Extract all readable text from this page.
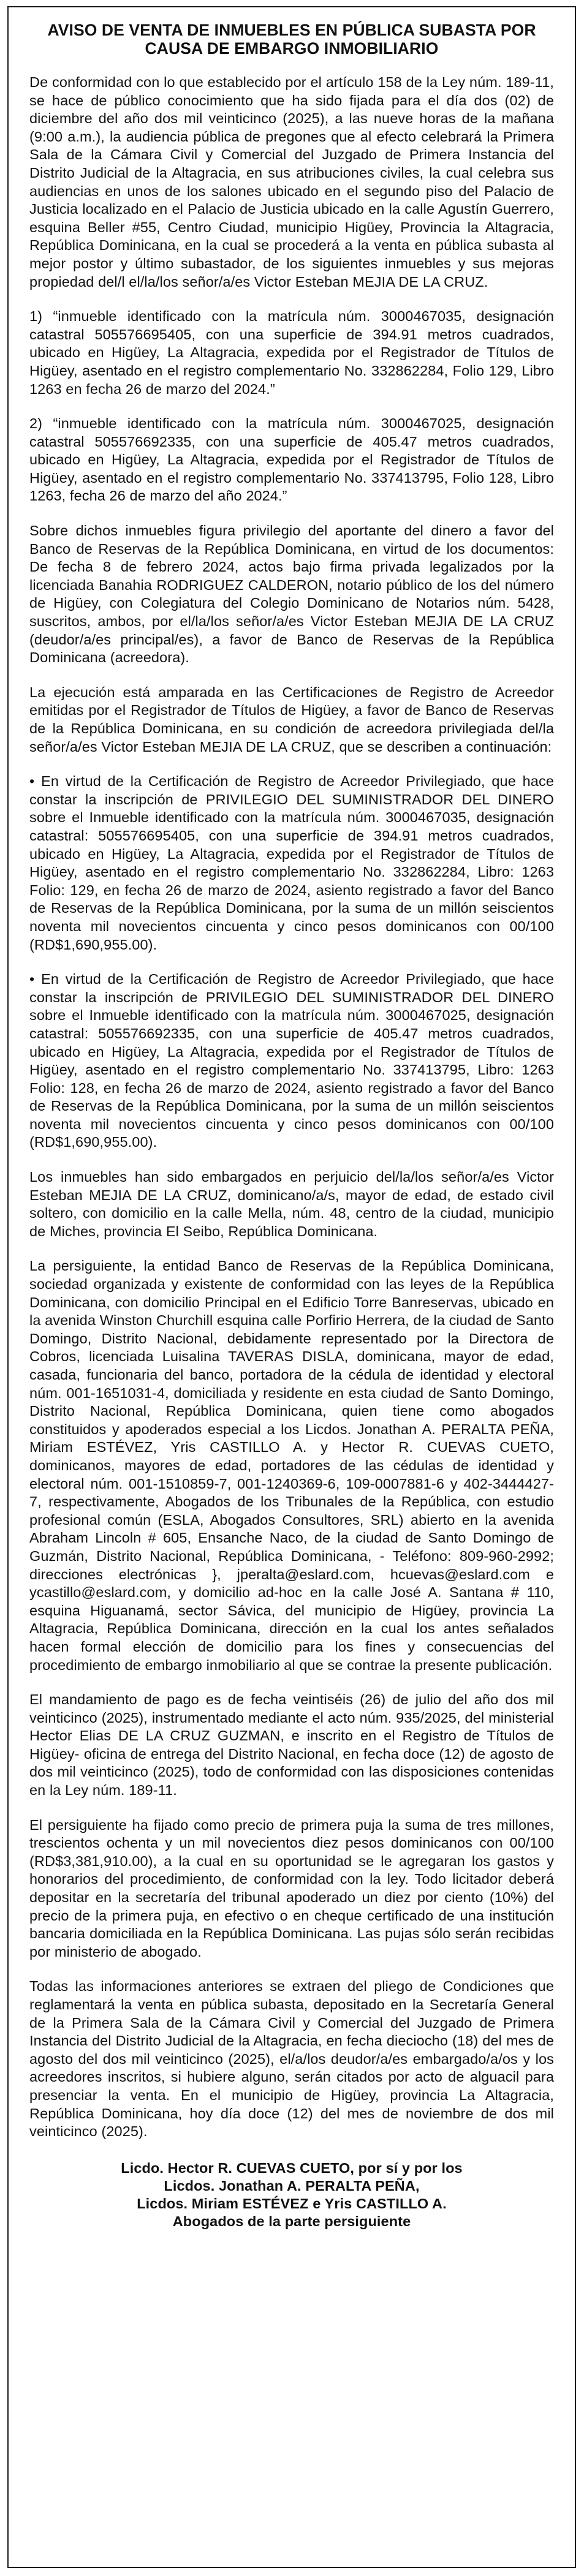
AVISO DE VENTA DE INMUEBLES EN PÚBLICA SUBASTA POR
CAUSA DE EMBARGO INMOBILIARIO

De conformidad con lo que establecido por el artículo 158 de la Ley núm. 189-11, se hace de público conocimiento que ha sido fijada para el día dos (02) de diciembre del año dos mil veinticinco (2025), a las nueve horas de la mañana (9:00 a.m.), la audiencia pública de pregones que al efecto celebrará la Primera Sala de la Cámara Civil y Comercial del Juzgado de Primera Instancia del Distrito Judicial de la Altagracia, en sus atribuciones civiles, la cual celebra sus audiencias en unos de los salones ubicado en el segundo piso del Palacio de Justicia localizado en el Palacio de Justicia ubicado en la calle Agustín Guerrero, esquina Beller #55, Centro Ciudad, municipio Higüey, Provincia la Altagracia, República Dominicana, en la cual se procederá a la venta en pública subasta al mejor postor y último subastador, de los siguientes inmuebles y sus mejoras propiedad del/l el/la/los señor/a/es Victor Esteban MEJIA DE LA CRUZ.

1) “inmueble identificado con la matrícula núm. 3000467035, designación catastral 505576695405, con una superficie de 394.91 metros cuadrados, ubicado en Higüey, La Altagracia, expedida por el Registrador de Títulos de Higüey, asentado en el registro complementario No. 332862284, Folio 129, Libro 1263 en fecha 26 de marzo del 2024.”

2) “inmueble identificado con la matrícula núm. 3000467025, designación catastral 505576692335, con una superficie de 405.47 metros cuadrados, ubicado en Higüey, La Altagracia, expedida por el Registrador de Títulos de Higüey, asentado en el registro complementario No. 337413795, Folio 128, Libro 1263, fecha 26 de marzo del año 2024.”

Sobre dichos inmuebles figura privilegio del aportante del dinero a favor del Banco de Reservas de la República Dominicana, en virtud de los documentos: De fecha 8 de febrero 2024, actos bajo firma privada legalizados por la licenciada Banahia RODRIGUEZ CALDERON, notario público de los del número de Higüey, con Colegiatura del Colegio Dominicano de Notarios núm. 5428, suscritos, ambos, por el/la/los señor/a/es Victor Esteban MEJIA DE LA CRUZ (deudor/a/es principal/es), a favor de Banco de Reservas de la República Dominicana (acreedora).

La ejecución está amparada en las Certificaciones de Registro de Acreedor emitidas por el Registrador de Títulos de Higüey, a favor de Banco de Reservas de la República Dominicana, en su condición de acreedora privilegiada del/la señor/a/es Victor Esteban MEJIA DE LA CRUZ, que se describen a continuación:

• En virtud de la Certificación de Registro de Acreedor Privilegiado, que hace constar la inscripción de PRIVILEGIO DEL SUMINISTRADOR DEL DINERO sobre el Inmueble identificado con la matrícula núm. 3000467035, designación catastral: 505576695405, con una superficie de 394.91 metros cuadrados, ubicado en Higüey, La Altagracia, expedida por el Registrador de Títulos de Higüey, asentado en el registro complementario No. 332862284, Libro: 1263 Folio: 129, en fecha 26 de marzo de 2024, asiento registrado a favor del Banco de Reservas de la República Dominicana, por la suma de un millón seiscientos noventa mil novecientos cincuenta y cinco pesos dominicanos con 00/100 (RD$1,690,955.00).

• En virtud de la Certificación de Registro de Acreedor Privilegiado, que hace constar la inscripción de PRIVILEGIO DEL SUMINISTRADOR DEL DINERO sobre el Inmueble identificado con la matrícula núm. 3000467025, designación catastral: 505576692335, con una superficie de 405.47 metros cuadrados, ubicado en Higüey, La Altagracia, expedida por el Registrador de Títulos de Higüey, asentado en el registro complementario No. 337413795, Libro: 1263 Folio: 128, en fecha 26 de marzo de 2024, asiento registrado a favor del Banco de Reservas de la República Dominicana, por la suma de un millón seiscientos noventa mil novecientos cincuenta y cinco pesos dominicanos con 00/100 (RD$1,690,955.00).

Los inmuebles han sido embargados en perjuicio del/la/los señor/a/es Victor Esteban MEJIA DE LA CRUZ, dominicano/a/s, mayor de edad, de estado civil soltero, con domicilio en la calle Mella, núm. 48, centro de la ciudad, municipio de Miches, provincia El Seibo, República Dominicana.

La persiguiente, la entidad Banco de Reservas de la República Dominicana, sociedad organizada y existente de conformidad con las leyes de la República Dominicana, con domicilio Principal en el Edificio Torre Banreservas, ubicado en la avenida Winston Churchill esquina calle Porfirio Herrera, de la ciudad de Santo Domingo, Distrito Nacional, debidamente representado por la Directora de Cobros, licenciada Luisalina TAVERAS DISLA, dominicana, mayor de edad, casada, funcionaria del banco, portadora de la cédula de identidad y electoral núm. 001-1651031-4, domiciliada y residente en esta ciudad de Santo Domingo, Distrito Nacional, República Dominicana, quien tiene como abogados constituidos y apoderados especial a los Licdos. Jonathan A. PERALTA PEÑA, Miriam ESTÉVEZ, Yris CASTILLO A. y Hector R. CUEVAS CUETO, dominicanos, mayores de edad, portadores de las cédulas de identidad y electoral núm. 001-1510859-7, 001-1240369-6, 109-0007881-6 y 402-3444427-7, respectivamente, Abogados de los Tribunales de la República, con estudio profesional común (ESLA, Abogados Consultores, SRL) abierto en la avenida Abraham Lincoln # 605, Ensanche Naco, de la ciudad de Santo Domingo de Guzmán, Distrito Nacional, República Dominicana, - Teléfono: 809-960-2992; direcciones electrónicas }, jperalta@eslard.com, hcuevas@eslard.com e ycastillo@eslard.com, y domicilio ad-hoc en la calle José A. Santana # 110, esquina Higuanamá, sector Sávica, del municipio de Higüey, provincia La Altagracia, República Dominicana, dirección en la cual los antes señalados hacen formal elección de domicilio para los fines y consecuencias del procedimiento de embargo inmobiliario al que se contrae la presente publicación.

El mandamiento de pago es de fecha veintiséis (26) de julio del año dos mil veinticinco (2025), instrumentado mediante el acto núm. 935/2025, del ministerial Hector Elias DE LA CRUZ GUZMAN, e inscrito en el Registro de Títulos de Higüey- oficina de entrega del Distrito Nacional, en fecha doce (12) de agosto de dos mil veinticinco (2025), todo de conformidad con las disposiciones contenidas en la Ley núm. 189-11.

El persiguiente ha fijado como precio de primera puja la suma de tres millones, trescientos ochenta y un mil novecientos diez pesos dominicanos con 00/100 (RD$3,381,910.00), a la cual en su oportunidad se le agregaran los gastos y honorarios del procedimiento, de conformidad con la ley. Todo licitador deberá depositar en la secretaría del tribunal apoderado un diez por ciento (10%) del precio de la primera puja, en efectivo o en cheque certificado de una institución bancaria domiciliada en la República Dominicana. Las pujas sólo serán recibidas por ministerio de abogado.

Todas las informaciones anteriores se extraen del pliego de Condiciones que reglamentará la venta en pública subasta, depositado en la Secretaría General de la Primera Sala de la Cámara Civil y Comercial del Juzgado de Primera Instancia del Distrito Judicial de la Altagracia, en fecha dieciocho (18) del mes de agosto del dos mil veinticinco (2025), el/a/los deudor/a/es embargado/a/os y los acreedores inscritos, si hubiere alguno, serán citados por acto de alguacil para presenciar la venta. En el municipio de Higüey, provincia La Altagracia, República Dominicana, hoy día doce (12) del mes de noviembre de dos mil veinticinco (2025).

Licdo. Hector R. CUEVAS CUETO, por sí y por los
Licdos. Jonathan A. PERALTA PEÑA,
Licdos. Miriam ESTÉVEZ e Yris CASTILLO A.
Abogados de la parte persiguiente
